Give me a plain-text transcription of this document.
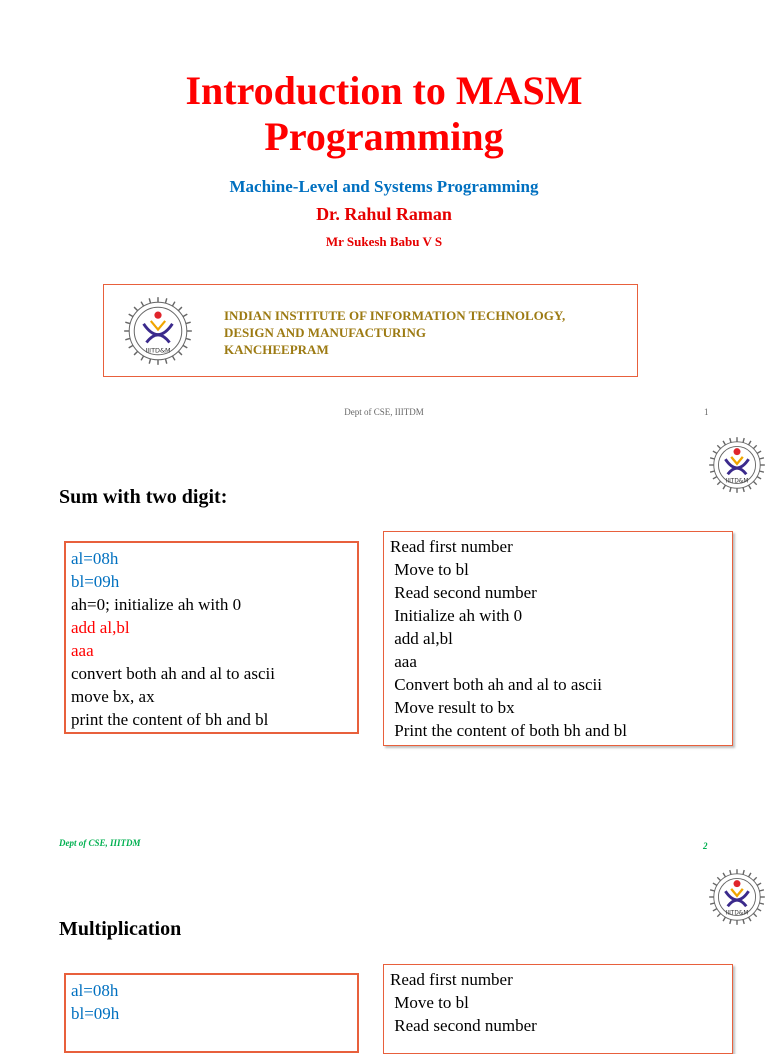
Introduction to MASM
Programming
Machine-Level and Systems Programming
Dr. Rahul Raman
Mr Sukesh Babu V S
IIITD&M
INDIAN INSTITUTE OF INFORMATION TECHNOLOGY,
DESIGN AND MANUFACTURING
KANCHEEPRAM
Dept of CSE, IIITDM	1
IIITD&M
Sum with two digit:
al=08h
bl=09h
ah=0; initialize ah with 0
add al,bl
aaa
convert both ah and al to ascii
move bx, ax
print the content of bh and bl
Read first number
Move to bl
Read second number
Initialize ah with 0
add al,bl
aaa
Convert both ah and al to ascii
Move result to bx
Print the content of both bh and bl
Dept of CSE, IIITDM	2
IIITD&M
Multiplication
al=08h
bl=09h
Read first number
Move to bl
Read second number
